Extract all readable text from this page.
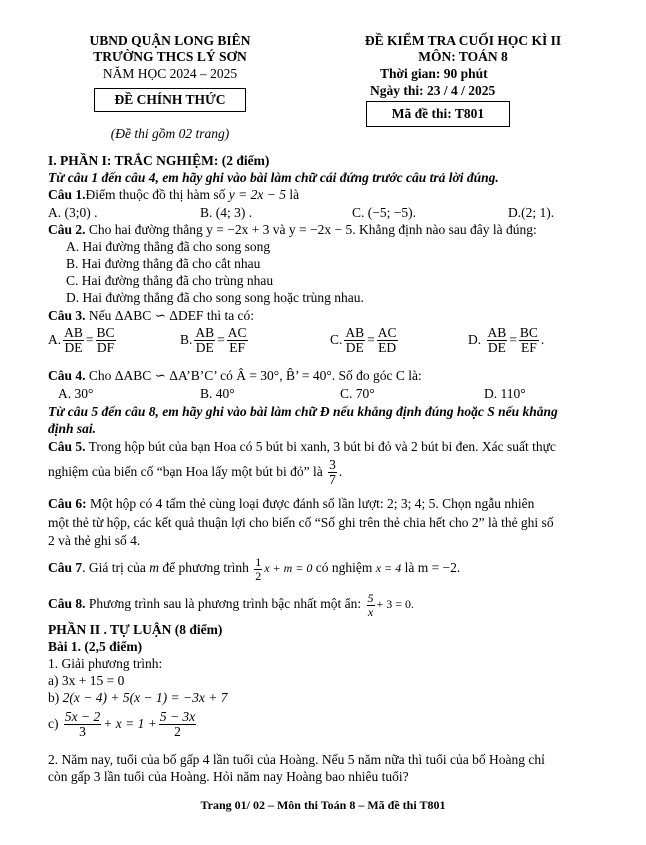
UBND QUẬN LONG BIÊN
TRƯỜNG THCS LÝ SƠN
NĂM HỌC 2024 – 2025
ĐỀ CHÍNH THỨC
(Đề thi gồm 02 trang)
ĐỀ KIỂM TRA CUỐI HỌC KÌ II
MÔN: TOÁN 8
Thời gian: 90 phút
Ngày thi: 23 / 4 / 2025
Mã đề thi: T801
I. PHẦN I: TRẮC NGHIỆM: (2 điểm)
Từ câu 1 đến câu 4, em hãy ghi vào bài làm chữ cái đứng trước câu trả lời đúng.
Câu 1.Điểm thuộc đồ thị hàm số y = 2x − 5 là
A. (3;0) .	B. (4; 3) .	C. (−5; −5).	D.(2; 1).
Câu 2. Cho hai đường thẳng y = −2x + 3 và y = −2x − 5. Khẳng định nào sau đây là đúng:
A. Hai đường thẳng đã cho song song
B. Hai đường thẳng đã cho cắt nhau
C. Hai đường thẳng đã cho trùng nhau
D. Hai đường thẳng đã cho song song hoặc trùng nhau.
Câu 3. Nếu ΔABC ∽ ΔDEF thì ta có:
A. $\frac{AB}{DE} = \frac{BC}{DF}$	B. $\frac{AB}{DE} = \frac{AC}{EF}$	C. $\frac{AB}{DE} = \frac{AC}{ED}$	D. $\frac{AB}{DE} = \frac{BC}{EF}$ .
Câu 4. Cho ΔABC ∽ ΔA’B’C’ có Â = 30°, B̂’ = 40°. Số đo góc C là:
A. 30°	B. 40°	C. 70°	D. 110°
Từ câu 5 đến câu 8, em hãy ghi vào bài làm chữ Đ nếu khẳng định đúng hoặc S nếu khẳng
định sai.
Câu 5. Trong hộp bút của bạn Hoa có 5 bút bi xanh, 3 bút bi đỏ và 2 bút bi đen. Xác suất thực
nghiệm của biến cố “bạn Hoa lấy một bút bi đỏ” là $\frac{3}{7}$ .
Câu 6: Một hộp có 4 tấm thẻ cùng loại được đánh số lần lượt: 2; 3; 4; 5. Chọn ngẫu nhiên
một thẻ từ hộp, các kết quả thuận lợi cho biến cố “Số ghi trên thẻ chia hết cho 2” là thẻ ghi số
2 và thẻ ghi số 4.
Câu 7. Giá trị của m để phương trình $\frac{1}{2}$ x + m = 0 có nghiệm x = 4 là m = −2.
Câu 8. Phương trình sau là phương trình bậc nhất một ẩn: $\frac{5}{x} + 3 = 0$.
PHẦN II . TỰ LUẬN (8 điểm)
Bài 1. (2,5 điểm)
1. Giải phương trình:
a) 3x + 15 = 0
b) 2(x − 4) + 5(x − 1) = −3x + 7
$c) \frac{5x - 2}{3} + x = 1 + \frac{5 - 3x}{2}$
2. Năm nay, tuổi của bố gấp 4 lần tuổi của Hoàng. Nếu 5 năm nữa thì tuổi của bố Hoàng chỉ
còn gấp 3 lần tuổi của Hoàng. Hỏi năm nay Hoàng bao nhiêu tuổi?
Trang 01/ 02 – Môn thi Toán 8 – Mã đề thi T801
